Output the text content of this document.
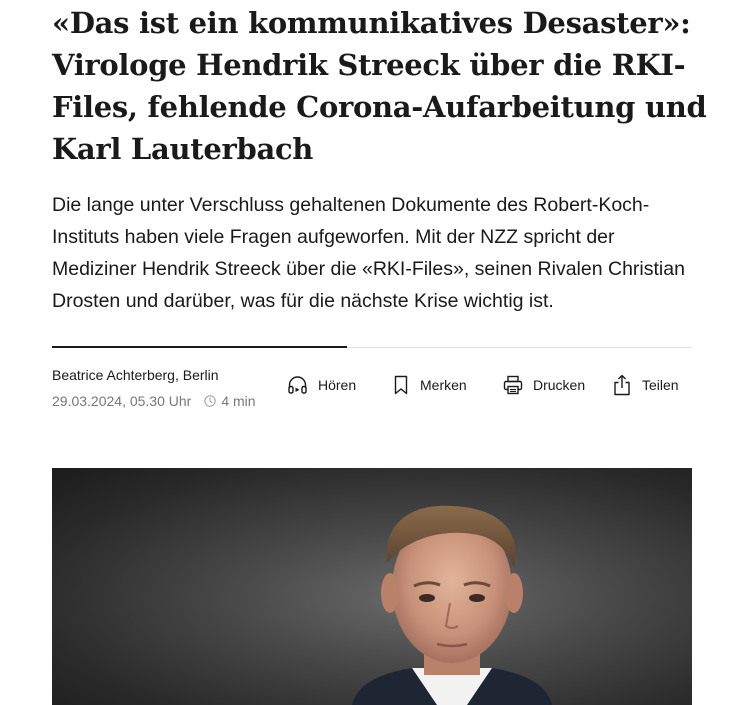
«Das ist ein kommunikatives Desaster»: Virologe Hendrik Streeck über die RKI-Files, fehlende Corona-Aufarbeitung und Karl Lauterbach

Die lange unter Verschluss gehaltenen Dokumente des Robert-Koch-Instituts haben viele Fragen aufgeworfen. Mit der NZZ spricht der Mediziner Hendrik Streeck über die «RKI-Files», seinen Rivalen Christian Drosten und darüber, was für die nächste Krise wichtig ist.

Beatrice Achterberg, Berlin
29.03.2024, 05.30 Uhr 4 min
Hören	Merken	Drucken	Teilen
